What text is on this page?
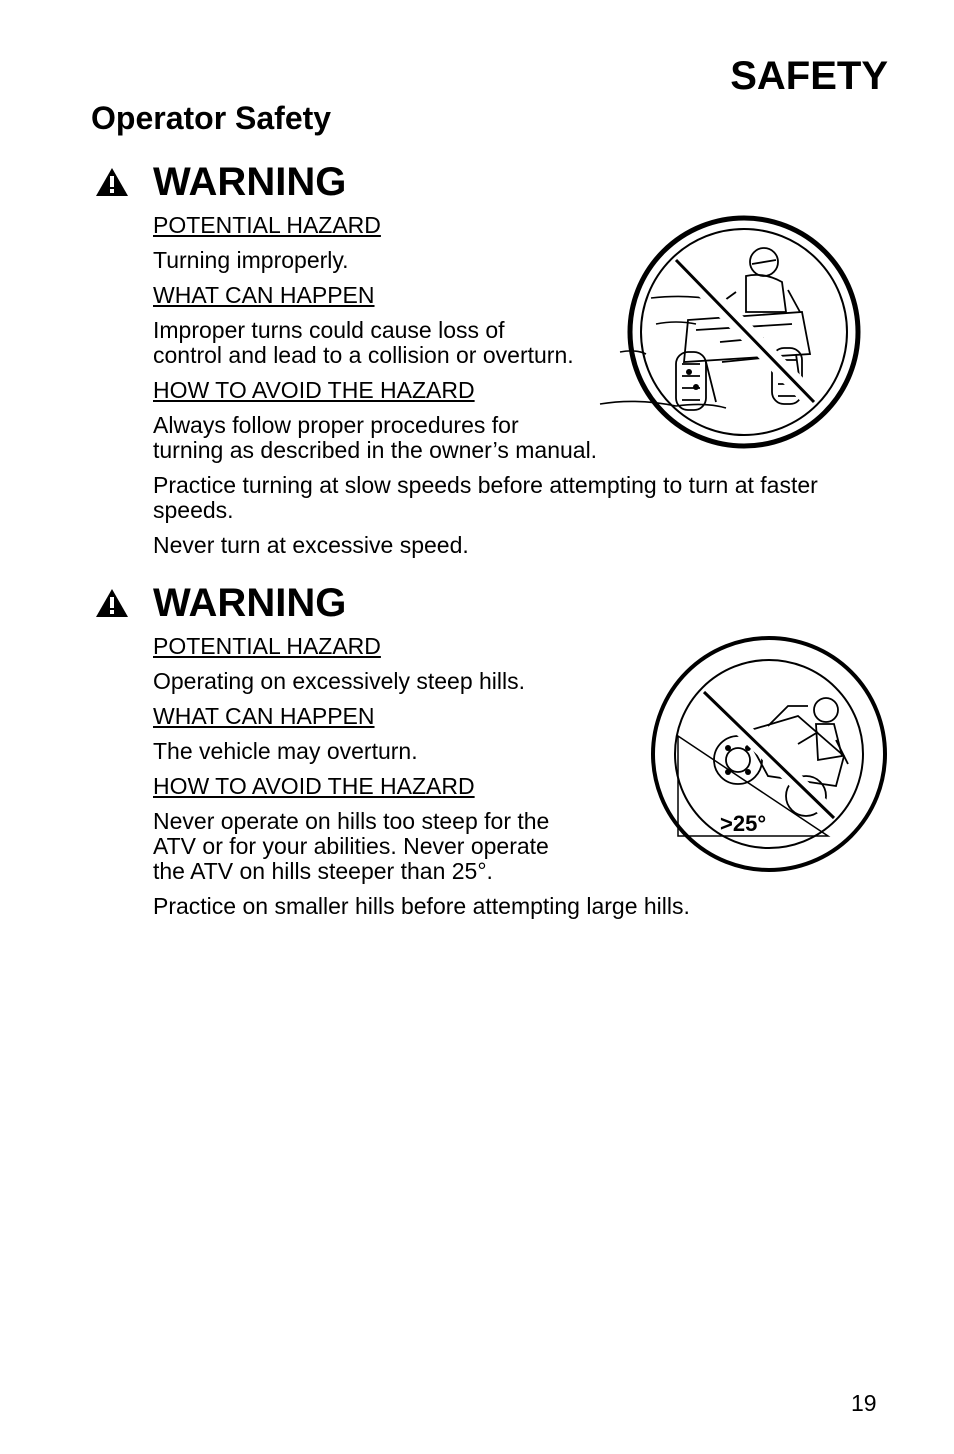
SAFETY
Operator Safety
WARNING

POTENTIAL HAZARD

Turning improperly.

WHAT CAN HAPPEN

Improper turns could cause loss of

control and lead to a collision or overturn.

HOW TO AVOID THE HAZARD

Always follow proper procedures for

turning as described in the owner’s manual.

Practice turning at slow speeds before attempting to turn at faster

speeds.

Never turn at excessive speed.

WARNING

POTENTIAL HAZARD

Operating on excessively steep hills.

WHAT CAN HAPPEN

The vehicle may overturn.

HOW TO AVOID THE HAZARD

Never operate on hills too steep for the

ATV or for your abilities. Never operate

the ATV on hills steeper than 25°.

Practice on smaller hills before attempting large hills.

>25°
19
